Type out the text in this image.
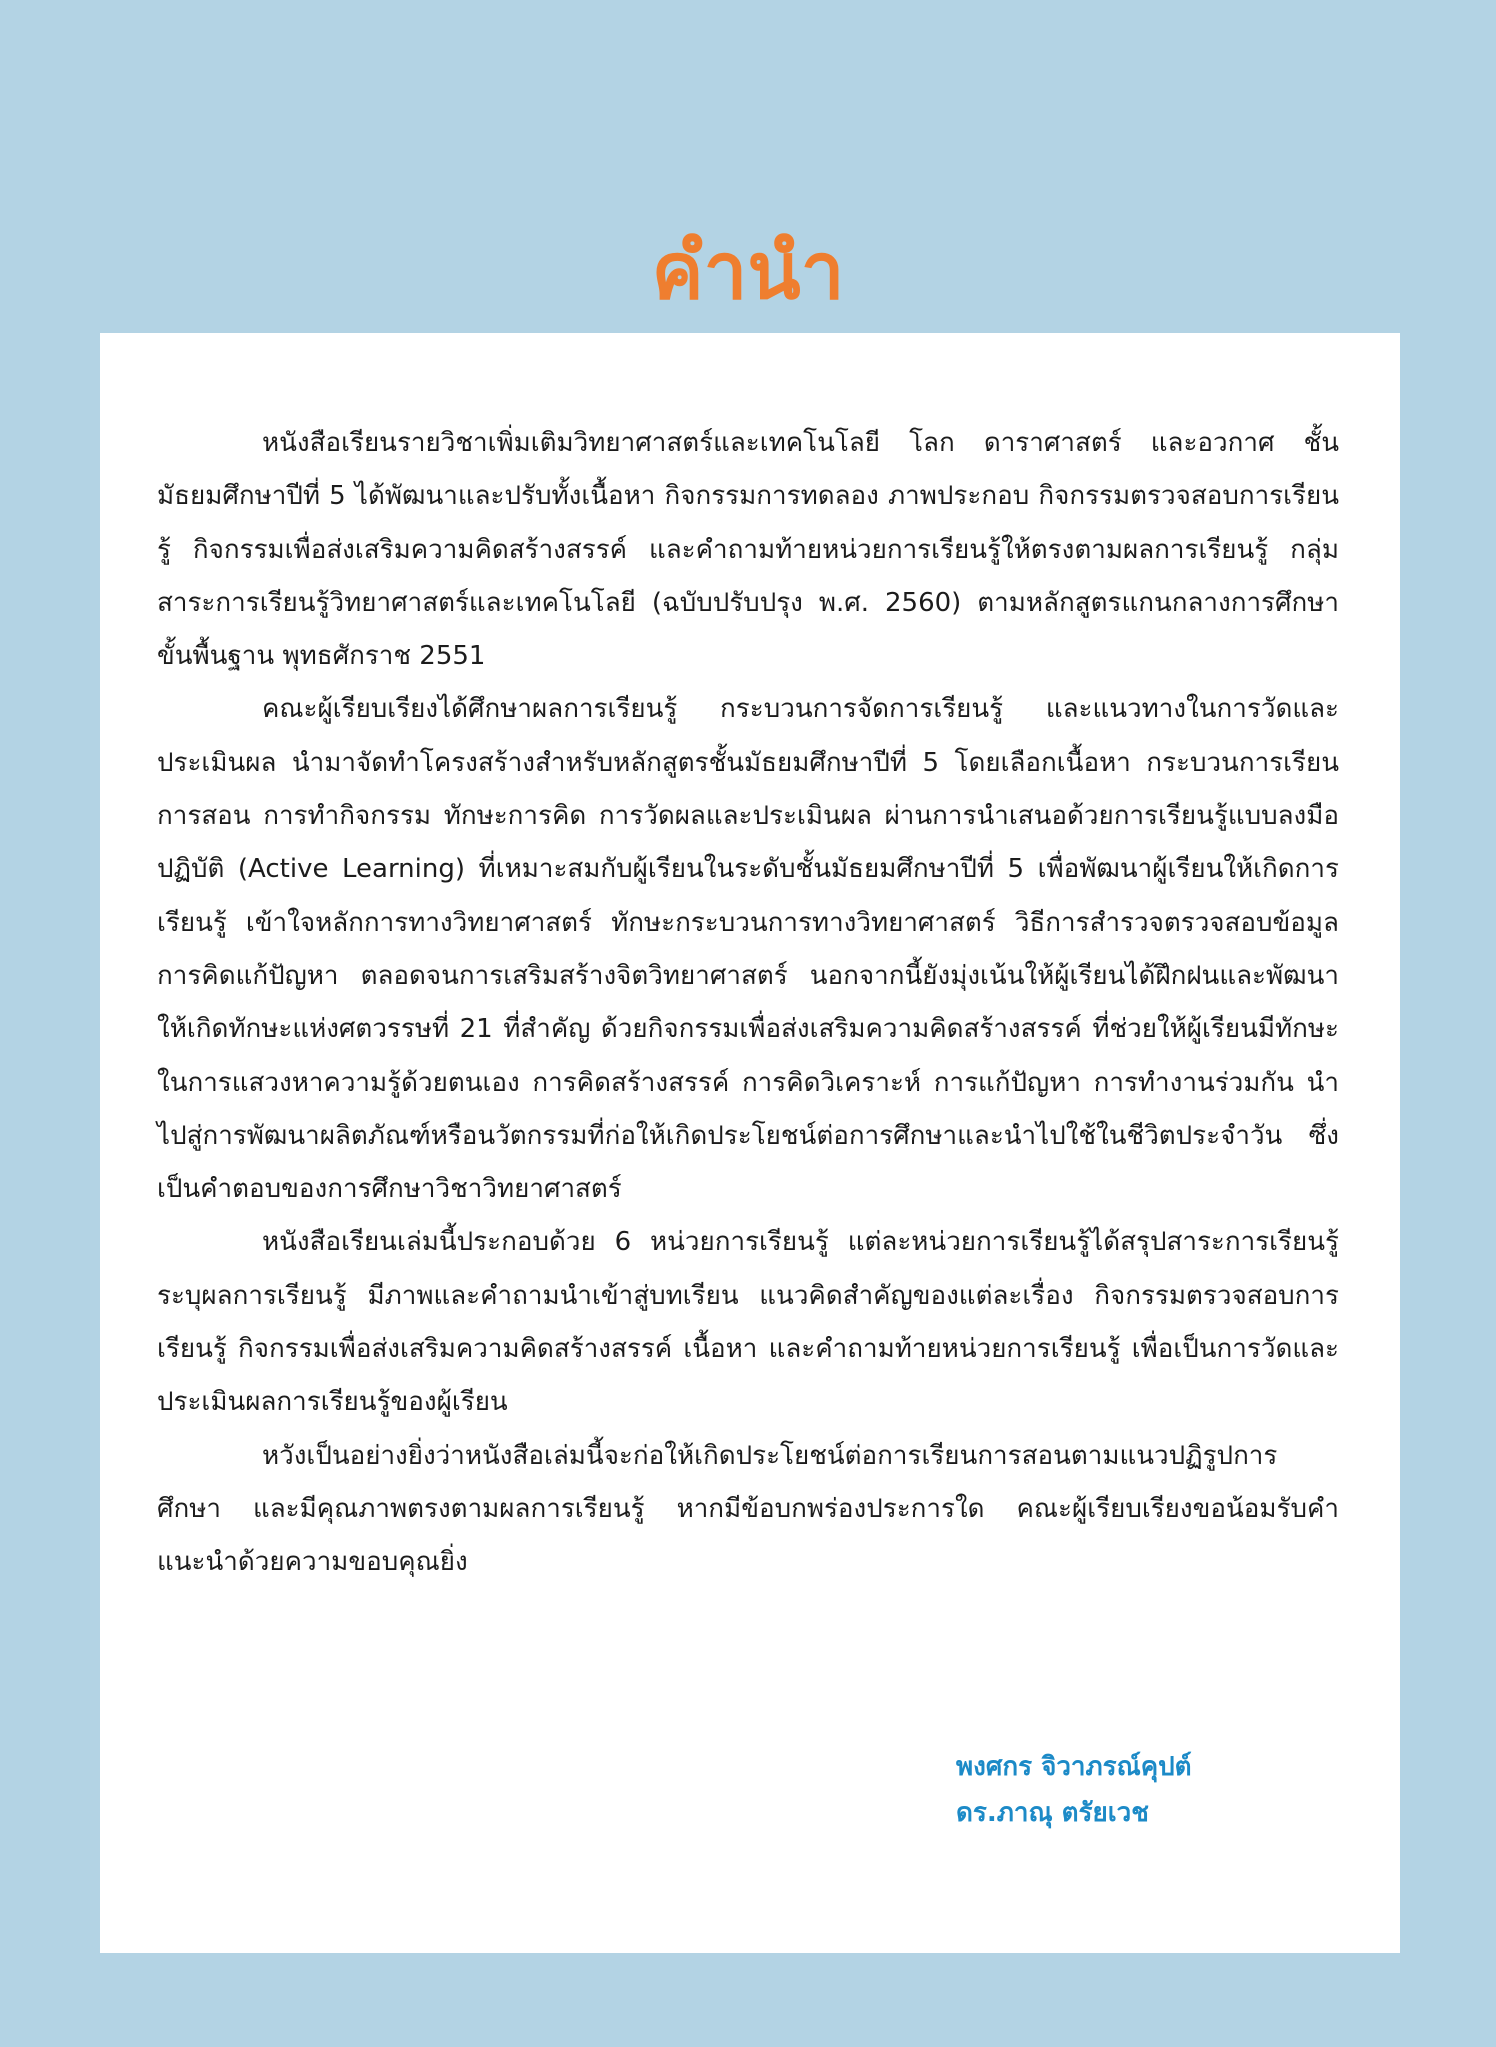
คำนำ

หนังสือเรียนรายวิชาเพิ่มเติมวิทยาศาสตร์และเทคโนโลยี โลก ดาราศาสตร์ และอวกาศ ชั้นมัธยมศึกษาปีที่ 5 ได้พัฒนาและปรับทั้งเนื้อหา กิจกรรมการทดลอง ภาพประกอบ กิจกรรมตรวจสอบการเรียนรู้ กิจกรรมเพื่อส่งเสริมความคิดสร้างสรรค์ และคำถามท้ายหน่วยการเรียนรู้ให้ตรงตามผลการเรียนรู้ กลุ่มสาระการเรียนรู้วิทยาศาสตร์และเทคโนโลยี (ฉบับปรับปรุง พ.ศ. 2560) ตามหลักสูตรแกนกลางการศึกษาขั้นพื้นฐาน พุทธศักราช 2551

คณะผู้เรียบเรียงได้ศึกษาผลการเรียนรู้ กระบวนการจัดการเรียนรู้ และแนวทางในการวัดและประเมินผล นำมาจัดทำโครงสร้างสำหรับหลักสูตรชั้นมัธยมศึกษาปีที่ 5 โดยเลือกเนื้อหา กระบวนการเรียนการสอน การทำกิจกรรม ทักษะการคิด การวัดผลและประเมินผล ผ่านการนำเสนอด้วยการเรียนรู้แบบลงมือปฏิบัติ (Active Learning) ที่เหมาะสมกับผู้เรียนในระดับชั้นมัธยมศึกษาปีที่ 5 เพื่อพัฒนาผู้เรียนให้เกิดการเรียนรู้ เข้าใจหลักการทางวิทยาศาสตร์ ทักษะกระบวนการทางวิทยาศาสตร์ วิธีการสำรวจตรวจสอบข้อมูล การคิดแก้ปัญหา ตลอดจนการเสริมสร้างจิตวิทยาศาสตร์ นอกจากนี้ยังมุ่งเน้นให้ผู้เรียนได้ฝึกฝนและพัฒนาให้เกิดทักษะแห่งศตวรรษที่ 21 ที่สำคัญ ด้วยกิจกรรมเพื่อส่งเสริมความคิดสร้างสรรค์ ที่ช่วยให้ผู้เรียนมีทักษะในการแสวงหาความรู้ด้วยตนเอง การคิดสร้างสรรค์ การคิดวิเคราะห์ การแก้ปัญหา การทำงานร่วมกัน นำไปสู่การพัฒนาผลิตภัณฑ์หรือนวัตกรรมที่ก่อให้เกิดประโยชน์ต่อการศึกษาและนำไปใช้ในชีวิตประจำวัน ซึ่งเป็นคำตอบของการศึกษาวิชาวิทยาศาสตร์

หนังสือเรียนเล่มนี้ประกอบด้วย 6 หน่วยการเรียนรู้ แต่ละหน่วยการเรียนรู้ได้สรุปสาระการเรียนรู้ ระบุผลการเรียนรู้ มีภาพและคำถามนำเข้าสู่บทเรียน แนวคิดสำคัญของแต่ละเรื่อง กิจกรรมตรวจสอบการเรียนรู้ กิจกรรมเพื่อส่งเสริมความคิดสร้างสรรค์ เนื้อหา และคำถามท้ายหน่วยการเรียนรู้ เพื่อเป็นการวัดและประเมินผลการเรียนรู้ของผู้เรียน

หวังเป็นอย่างยิ่งว่าหนังสือเล่มนี้จะก่อให้เกิดประโยชน์ต่อการเรียนการสอนตามแนวปฏิรูปการศึกษา และมีคุณภาพตรงตามผลการเรียนรู้ หากมีข้อบกพร่องประการใด คณะผู้เรียบเรียงขอน้อมรับคำแนะนำด้วยความขอบคุณยิ่ง

พงศกร จิวาภรณ์คุปต์
ดร.ภาณุ ตรัยเวช
